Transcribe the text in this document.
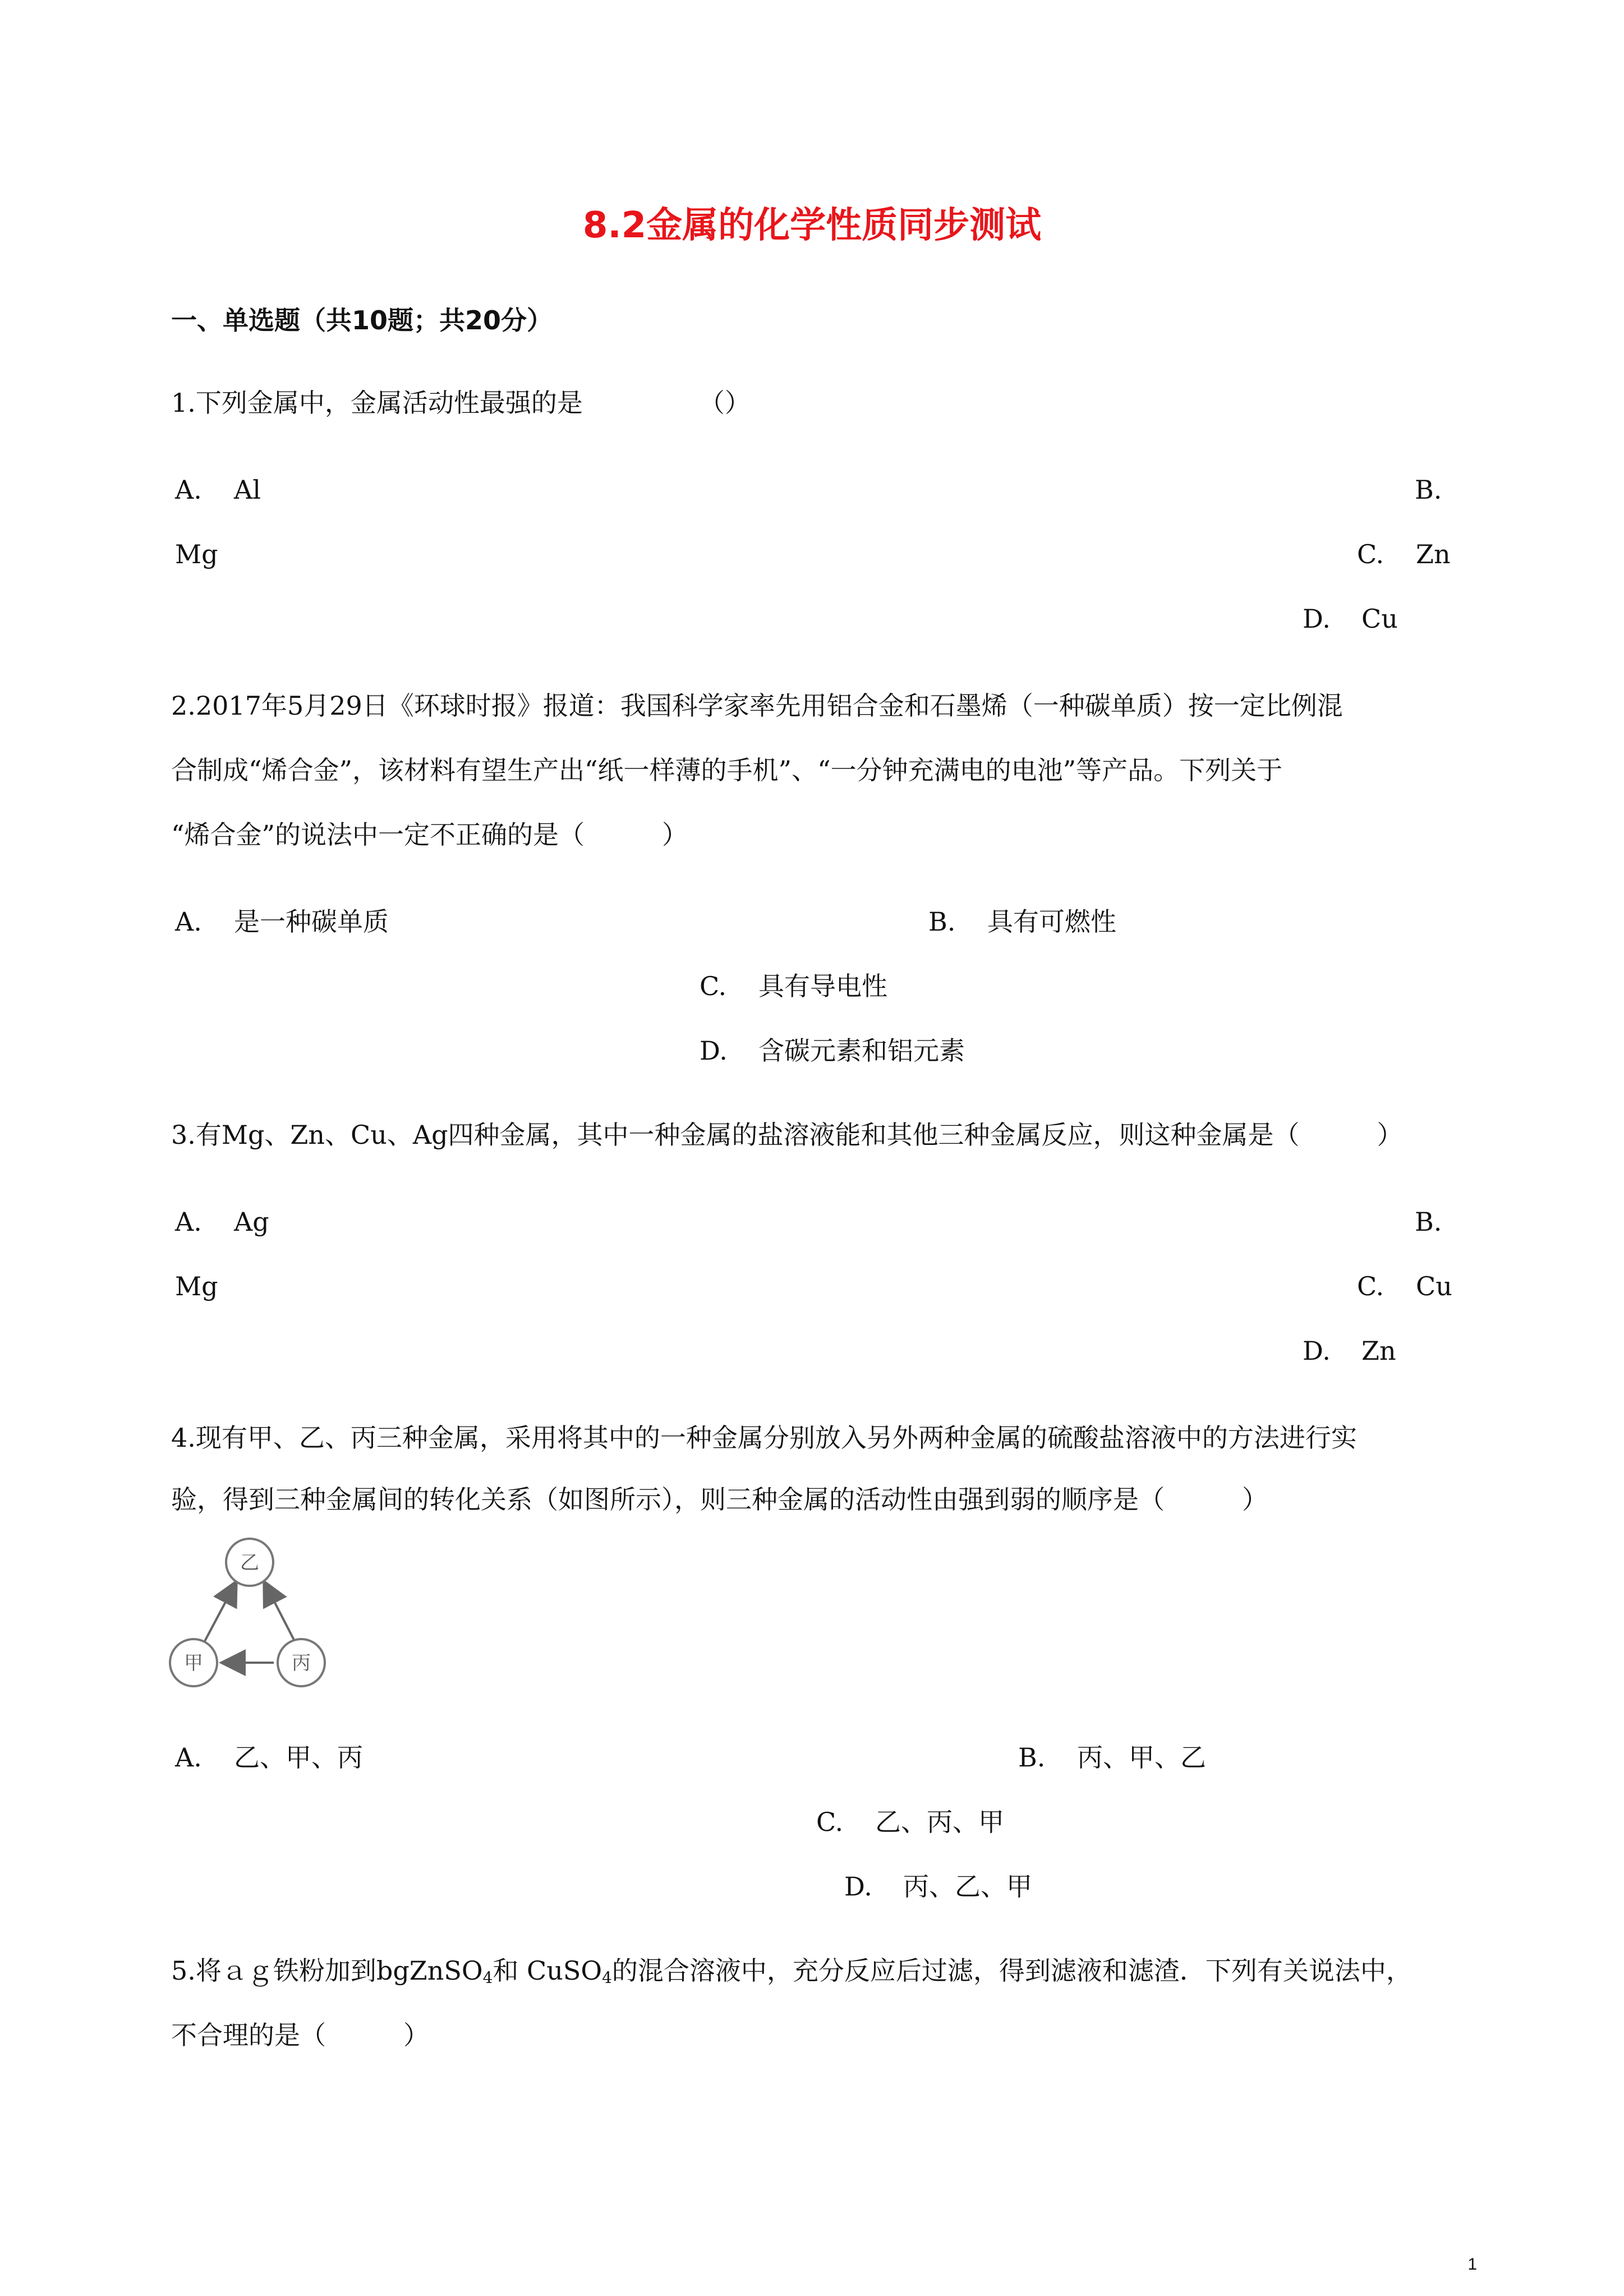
8.2金属的化学性质同步测试
一、单选题（共10题；共20分）
1.下列金属中，金属活动性最强的是　　　　　（）
A. Al	B.
Mg	C. Zn
D. Cu
2.2017年5月29日《环球时报》报道：我国科学家率先用铝合金和石墨烯（一种碳单质）按一定比例混
合制成“烯合金”，该材料有望生产出“纸一样薄的手机”、“一分钟充满电的电池”等产品。下列关于
“烯合金”的说法中一定不正确的是（　　　）
A. 是一种碳单质	B. 具有可燃性
C. 具有导电性
D. 含碳元素和铝元素
3.有Mg、Zn、Cu、Ag四种金属，其中一种金属的盐溶液能和其他三种金属反应，则这种金属是（　　　）
A. Ag	B.
Mg	C. Cu
D. Zn
4.现有甲、乙、丙三种金属，采用将其中的一种金属分别放入另外两种金属的硫酸盐溶液中的方法进行实
验，得到三种金属间的转化关系（如图所示），则三种金属的活动性由强到弱的顺序是（　　　）
乙
甲	丙
A. 乙、甲、丙	B. 丙、甲、乙
C. 乙、丙、甲
D. 丙、乙、甲
5.将ａｇ铁粉加到bgZnSO$_4$和 CuSO$_4$的混合溶液中，充分反应后过滤，得到滤液和滤渣．下列有关说法中，
不合理的是（　　　）
1
